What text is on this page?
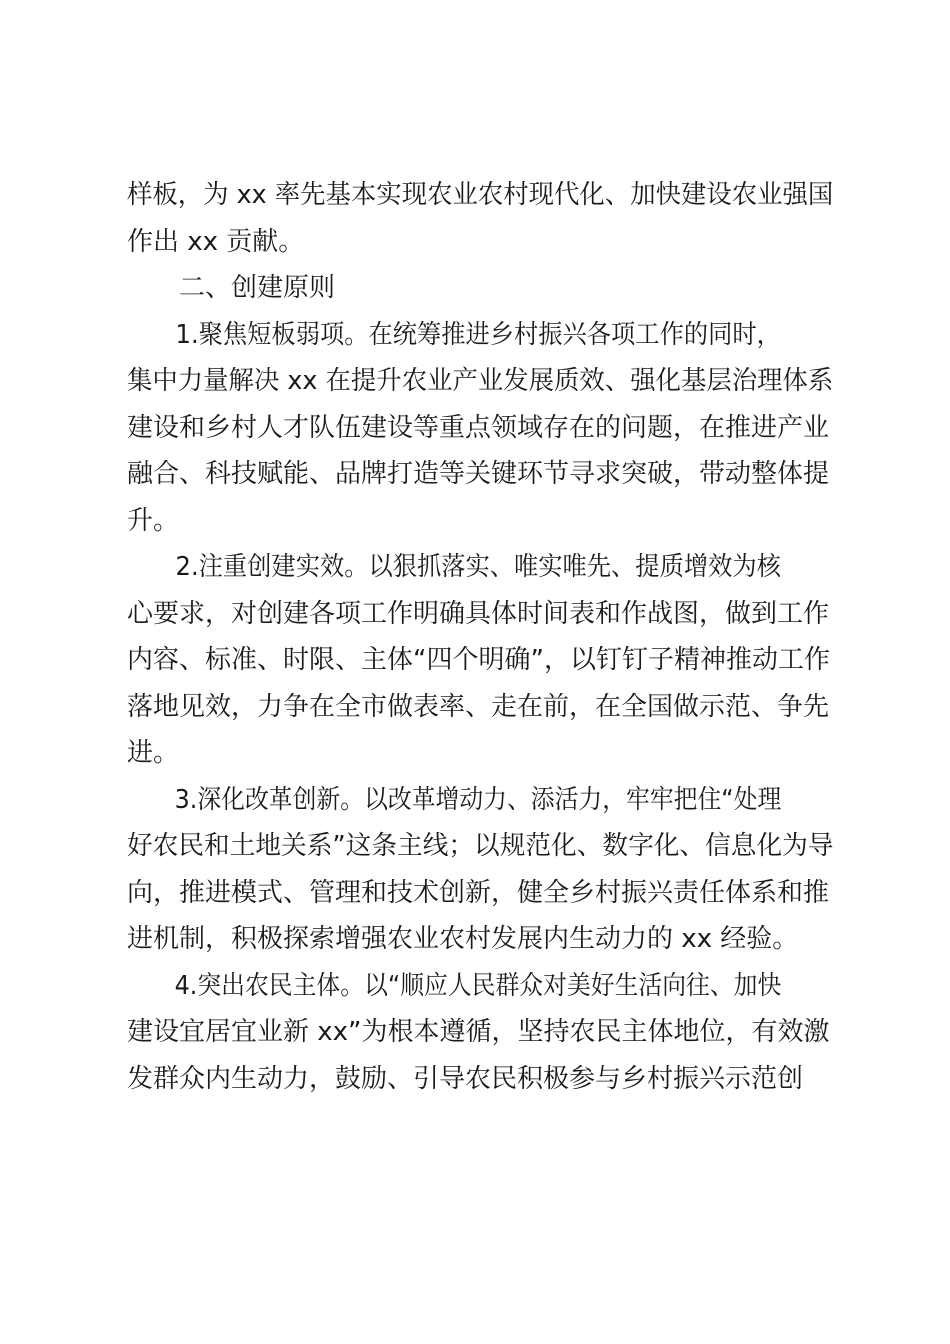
样板，为 xx 率先基本实现农业农村现代化、加快建设农业强国
作出 xx 贡献。

二、创建原则

1.聚焦短板弱项。在统筹推进乡村振兴各项工作的同时，
集中力量解决 xx 在提升农业产业发展质效、强化基层治理体系
建设和乡村人才队伍建设等重点领域存在的问题，在推进产业
融合、科技赋能、品牌打造等关键环节寻求突破，带动整体提
升。

2.注重创建实效。以狠抓落实、唯实唯先、提质增效为核
心要求，对创建各项工作明确具体时间表和作战图，做到工作
内容、标准、时限、主体“四个明确”，以钉钉子精神推动工作
落地见效，力争在全市做表率、走在前，在全国做示范、争先
进。

3.深化改革创新。以改革增动力、添活力，牢牢把住“处理
好农民和土地关系”这条主线；以规范化、数字化、信息化为导
向，推进模式、管理和技术创新，健全乡村振兴责任体系和推
进机制，积极探索增强农业农村发展内生动力的 xx 经验。

4.突出农民主体。以“顺应人民群众对美好生活向往、加快
建设宜居宜业新 xx”为根本遵循，坚持农民主体地位，有效激
发群众内生动力，鼓励、引导农民积极参与乡村振兴示范创
